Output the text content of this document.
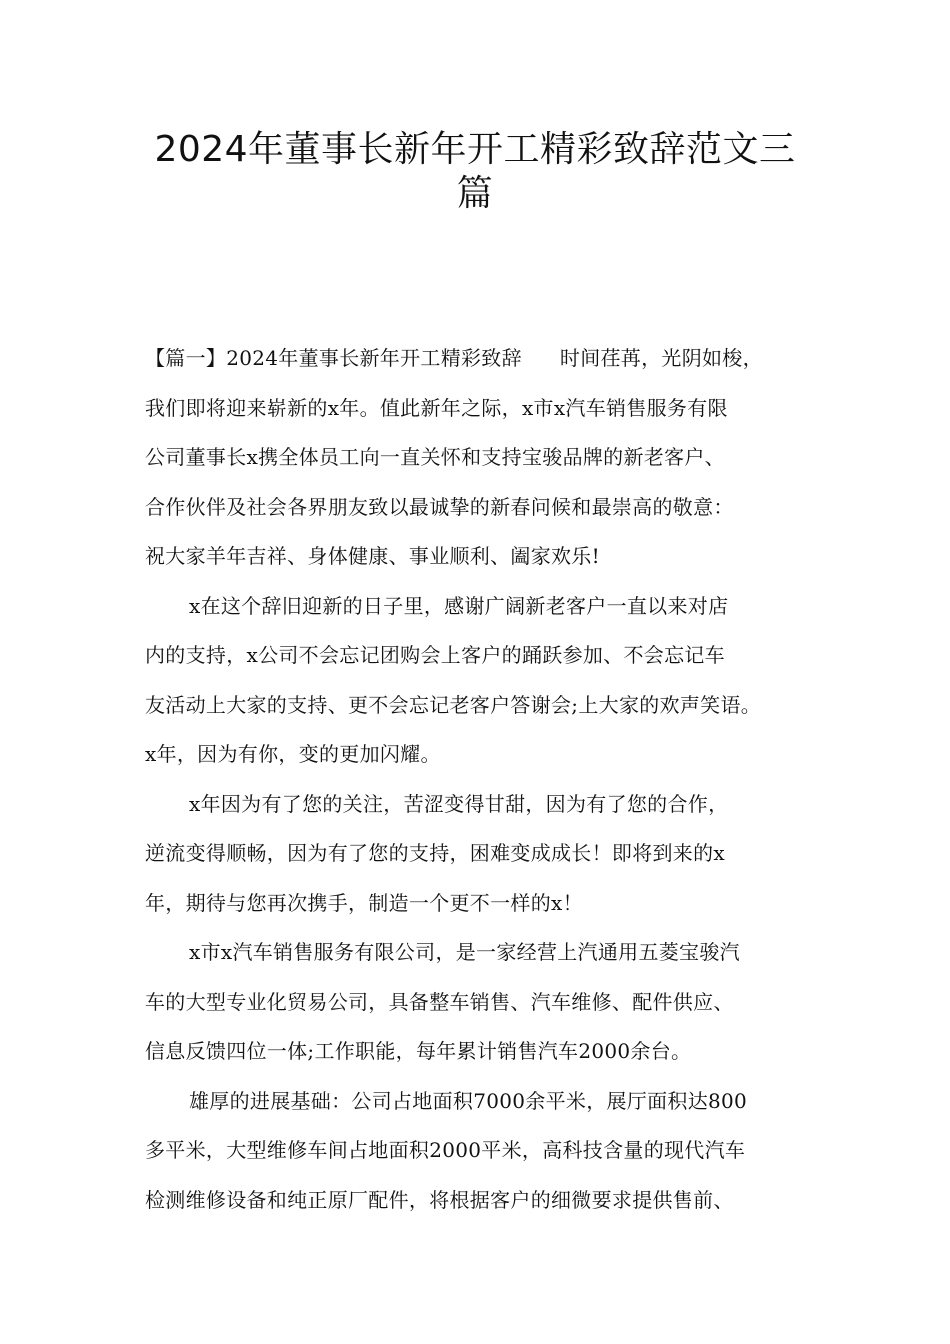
2024年董事长新年开工精彩致辞范文三
篇
【篇一】2024年董事长新年开工精彩致辞 时间荏苒，光阴如梭，
我们即将迎来崭新的x年。值此新年之际，x市x汽车销售服务有限
公司董事长x携全体员工向一直关怀和支持宝骏品牌的新老客户、
合作伙伴及社会各界朋友致以最诚挚的新春问候和最崇高的敬意：
祝大家羊年吉祥、身体健康、事业顺利、阖家欢乐!
x在这个辞旧迎新的日子里，感谢广阔新老客户一直以来对店
内的支持，x公司不会忘记团购会上客户的踊跃参加、不会忘记车
友活动上大家的支持、更不会忘记老客户答谢会;上大家的欢声笑语。
x年，因为有你，变的更加闪耀。
x年因为有了您的关注，苦涩变得甘甜，因为有了您的合作，
逆流变得顺畅，因为有了您的支持，困难变成成长！即将到来的x
年，期待与您再次携手，制造一个更不一样的x！
x市x汽车销售服务有限公司，是一家经营上汽通用五菱宝骏汽
车的大型专业化贸易公司，具备整车销售、汽车维修、配件供应、
信息反馈四位一体;工作职能，每年累计销售汽车2000余台。
雄厚的进展基础：公司占地面积7000余平米，展厅面积达800
多平米，大型维修车间占地面积2000平米，高科技含量的现代汽车
检测维修设备和纯正原厂配件，将根据客户的细微要求提供售前、
